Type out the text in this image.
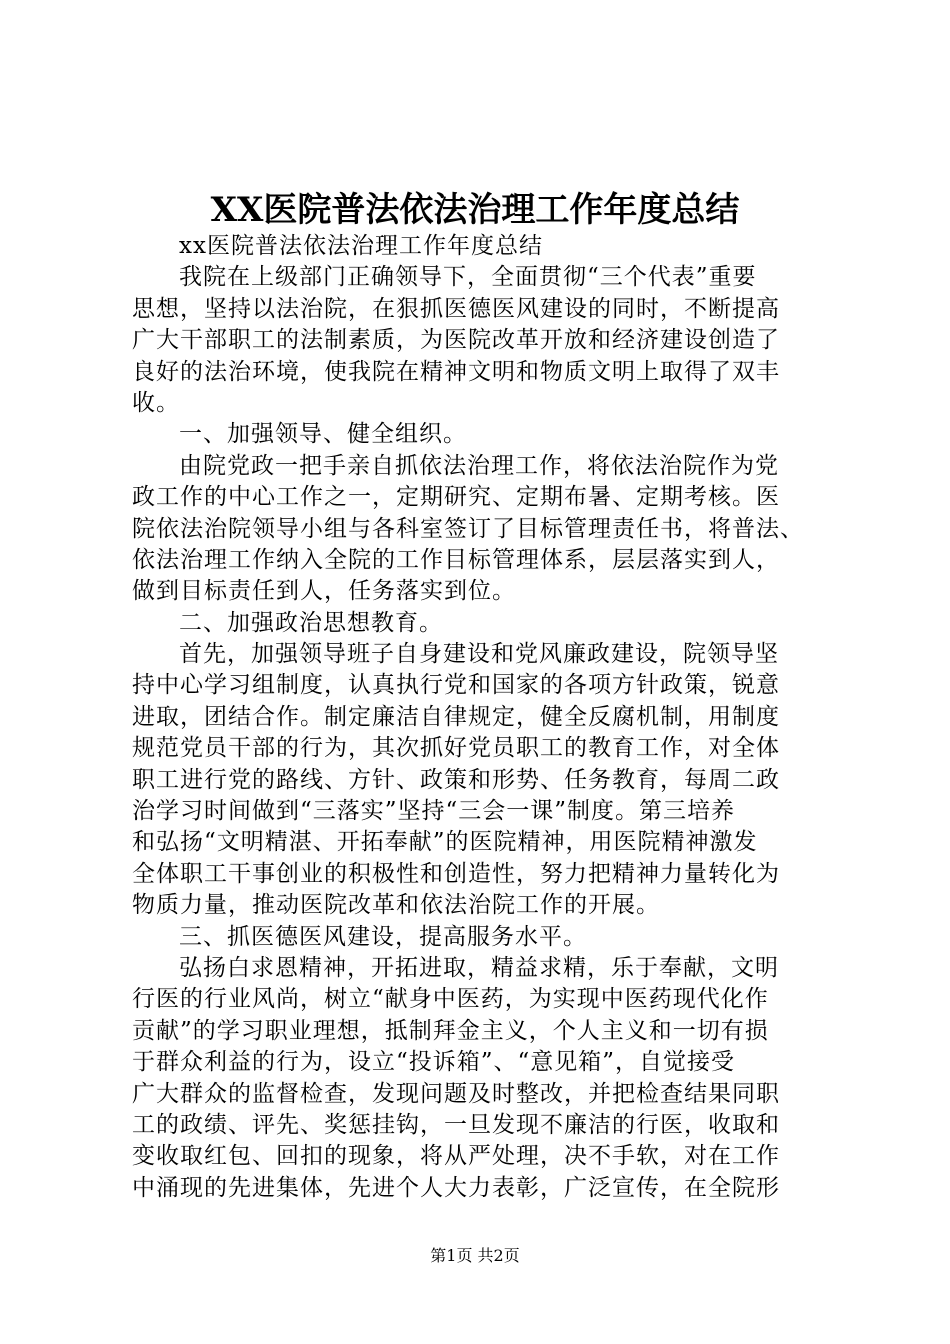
XX医院普法依法治理工作年度总结
xx医院普法依法治理工作年度总结
我院在上级部门正确领导下，全面贯彻“三个代表”重要
思想，坚持以法治院，在狠抓医德医风建设的同时，不断提高
广大干部职工的法制素质，为医院改革开放和经济建设创造了
良好的法治环境，使我院在精神文明和物质文明上取得了双丰
收。
一、加强领导、健全组织。
由院党政一把手亲自抓依法治理工作，将依法治院作为党
政工作的中心工作之一，定期研究、定期布暑、定期考核。医
院依法治院领导小组与各科室签订了目标管理责任书，将普法、
依法治理工作纳入全院的工作目标管理体系，层层落实到人，
做到目标责任到人，任务落实到位。
二、加强政治思想教育。
首先，加强领导班子自身建设和党风廉政建设，院领导坚
持中心学习组制度，认真执行党和国家的各项方针政策，锐意
进取，团结合作。制定廉洁自律规定，健全反腐机制，用制度
规范党员干部的行为，其次抓好党员职工的教育工作，对全体
职工进行党的路线、方针、政策和形势、任务教育，每周二政
治学习时间做到“三落实”坚持“三会一课”制度。第三培养
和弘扬“文明精湛、开拓奉献”的医院精神，用医院精神激发
全体职工干事创业的积极性和创造性，努力把精神力量转化为
物质力量，推动医院改革和依法治院工作的开展。
三、抓医德医风建设，提高服务水平。
弘扬白求恩精神，开拓进取，精益求精，乐于奉献，文明
行医的行业风尚，树立“献身中医药，为实现中医药现代化作
贡献”的学习职业理想，抵制拜金主义，个人主义和一切有损
于群众利益的行为，设立“投诉箱”、“意见箱”，自觉接受
广大群众的监督检查，发现问题及时整改，并把检查结果同职
工的政绩、评先、奖惩挂钩，一旦发现不廉洁的行医，收取和
变收取红包、回扣的现象，将从严处理，决不手软，对在工作
中涌现的先进集体，先进个人大力表彰，广泛宣传，在全院形
第1页 共2页
